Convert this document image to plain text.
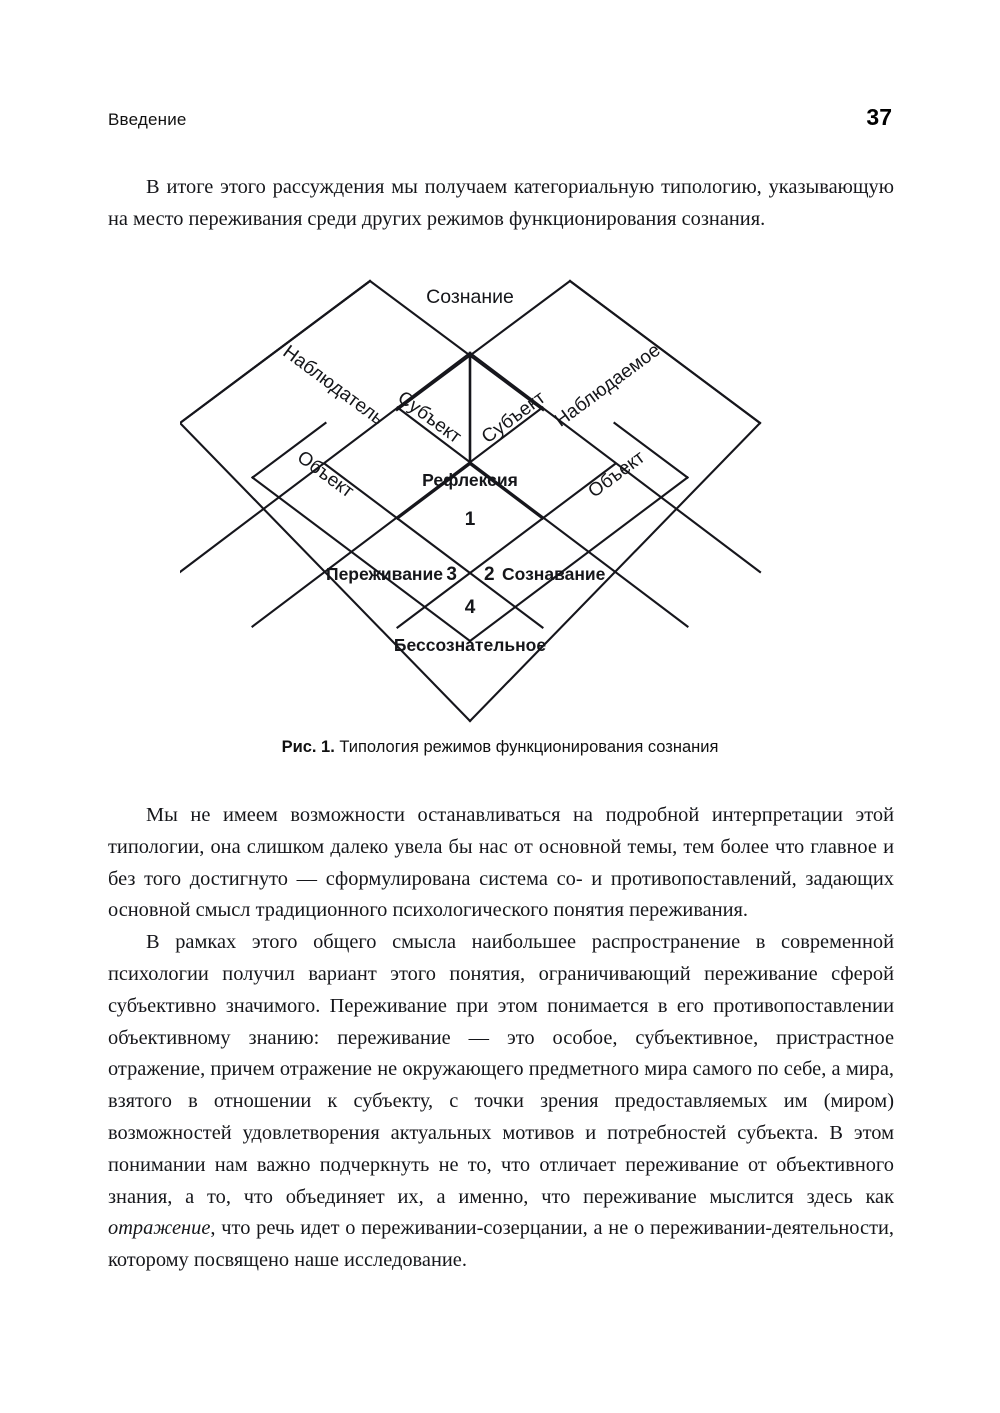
Введение	37

В итоге этого рассуждения мы получаем категориальную типологию, указывающую на место переживания среди других режимов функционирования сознания.

Сознание
Наблюдатель	Наблюдаемое
Субъект Субъект
Объект	Объект
Рефлексия
1
Переживание 3 2 Сознавание
4
Бессознательное
Рис. 1. Типология режимов функционирования сознания

Мы не имеем возможности останавливаться на подробной интерпретации этой типологии, она слишком далеко увела бы нас от основной темы, тем более что главное и без того достигнуто — сформулирована система со- и противопоставлений, задающих основной смысл традиционного психологического понятия переживания.

В рамках этого общего смысла наибольшее распространение в современной психологии получил вариант этого понятия, ограничивающий переживание сферой субъективно значимого. Переживание при этом понимается в его противопоставлении объективному знанию: переживание — это особое, субъективное, пристрастное отражение, причем отражение не окружающего предметного мира самого по себе, а мира, взятого в отношении к субъекту, с точки зрения предоставляемых им (миром) возможностей удовлетворения актуальных мотивов и потребностей субъекта. В этом понимании нам важно подчеркнуть не то, что отличает переживание от объективного знания, а то, что объединяет их, а именно, что переживание мыслится здесь как отражение, что речь идет о переживании-созерцании, а не о переживании-деятельности, которому посвящено наше исследование.
